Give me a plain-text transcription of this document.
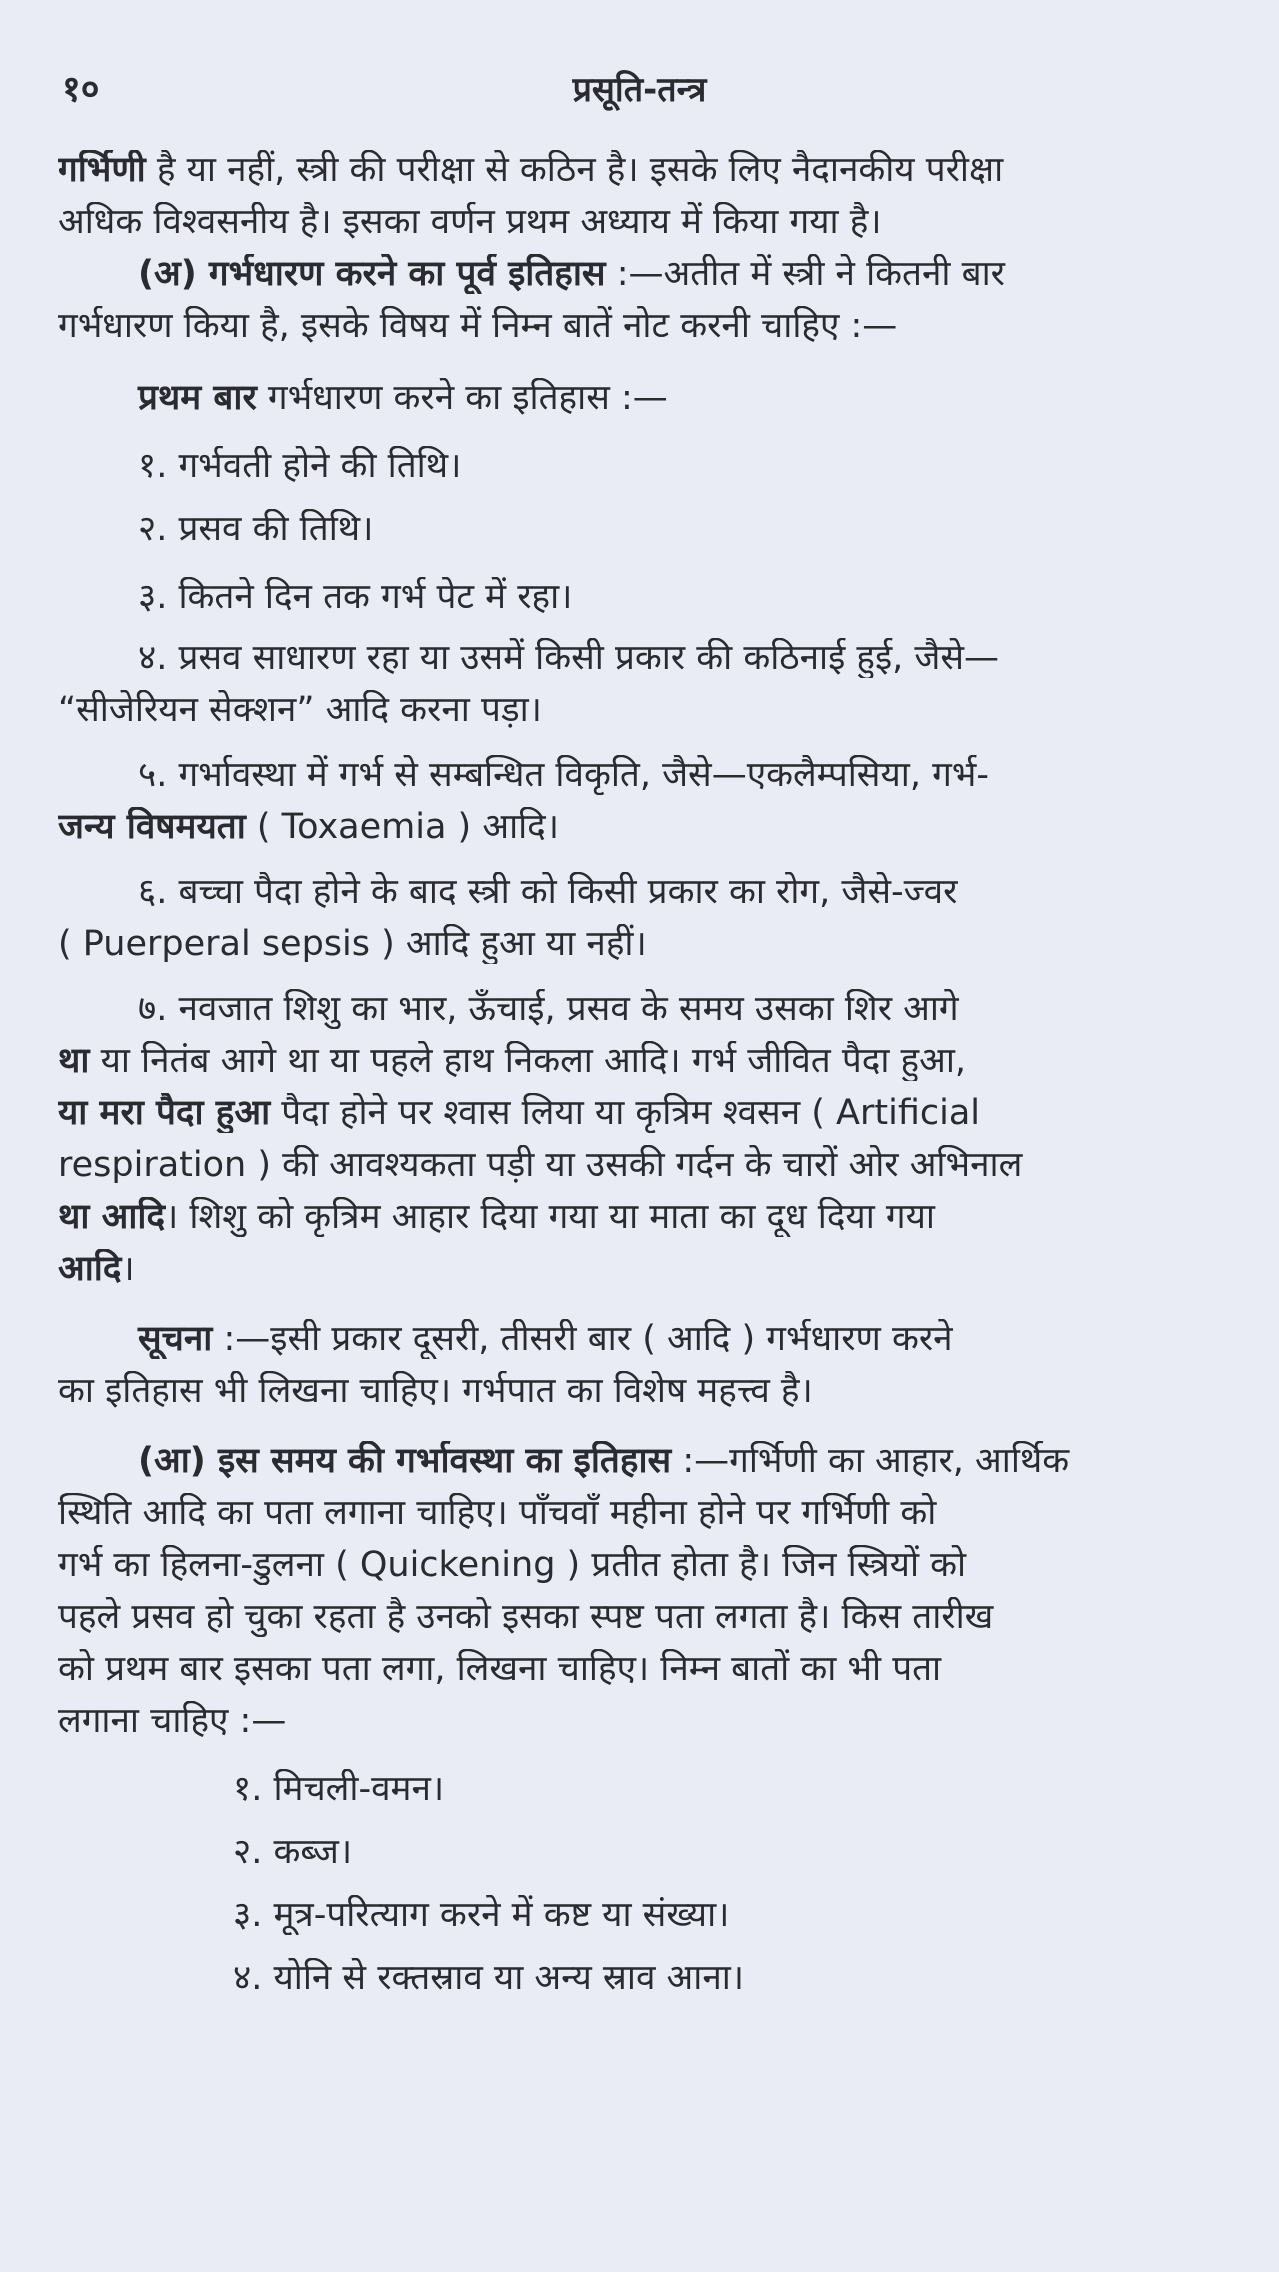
१०	प्रसूति-तन्त्र
गर्भिणी है या नहीं, स्त्री की परीक्षा से कठिन है। इसके लिए नैदानकीय परीक्षा
अधिक विश्वसनीय है। इसका वर्णन प्रथम अध्याय में किया गया है।
(अ) गर्भधारण करने का पूर्व इतिहास :—अतीत में स्त्री ने कितनी बार
गर्भधारण किया है, इसके विषय में निम्न बातें नोट करनी चाहिए :—
प्रथम बार गर्भधारण करने का इतिहास :—
१. गर्भवती होने की तिथि।
२. प्रसव की तिथि।
३. कितने दिन तक गर्भ पेट में रहा।
४. प्रसव साधारण रहा या उसमें किसी प्रकार की कठिनाई हुई, जैसे—
“सीजेरियन सेक्शन” आदि करना पड़ा।
५. गर्भावस्था में गर्भ से सम्बन्धित विकृति, जैसे—एकलैम्पसिया, गर्भ-
जन्य विषमयता ( Toxaemia ) आदि।
६. बच्चा पैदा होने के बाद स्त्री को किसी प्रकार का रोग, जैसे-ज्वर
( Puerperal sepsis ) आदि हुआ या नहीं।
७. नवजात शिशु का भार, ऊँचाई, प्रसव के समय उसका शिर आगे
था या नितंब आगे था या पहले हाथ निकला आदि। गर्भ जीवित पैदा हुआ,
या मरा पैदा हुआ पैदा होने पर श्वास लिया या कृत्रिम श्वसन ( Artificial
respiration ) की आवश्यकता पड़ी या उसकी गर्दन के चारों ओर अभिनाल
था आदि। शिशु को कृत्रिम आहार दिया गया या माता का दूध दिया गया
आदि।
सूचना :—इसी प्रकार दूसरी, तीसरी बार ( आदि ) गर्भधारण करने
का इतिहास भी लिखना चाहिए। गर्भपात का विशेष महत्त्व है।
(आ) इस समय की गर्भावस्था का इतिहास :—गर्भिणी का आहार, आर्थिक
स्थिति आदि का पता लगाना चाहिए। पाँचवाँ महीना होने पर गर्भिणी को
गर्भ का हिलना-डुलना ( Quickening ) प्रतीत होता है। जिन स्त्रियों को
पहले प्रसव हो चुका रहता है उनको इसका स्पष्ट पता लगता है। किस तारीख
को प्रथम बार इसका पता लगा, लिखना चाहिए। निम्न बातों का भी पता
लगाना चाहिए :—
१. मिचली-वमन।
२. कब्ज।
३. मूत्र-परित्याग करने में कष्ट या संख्या।
४. योनि से रक्तस्राव या अन्य स्राव आना।
